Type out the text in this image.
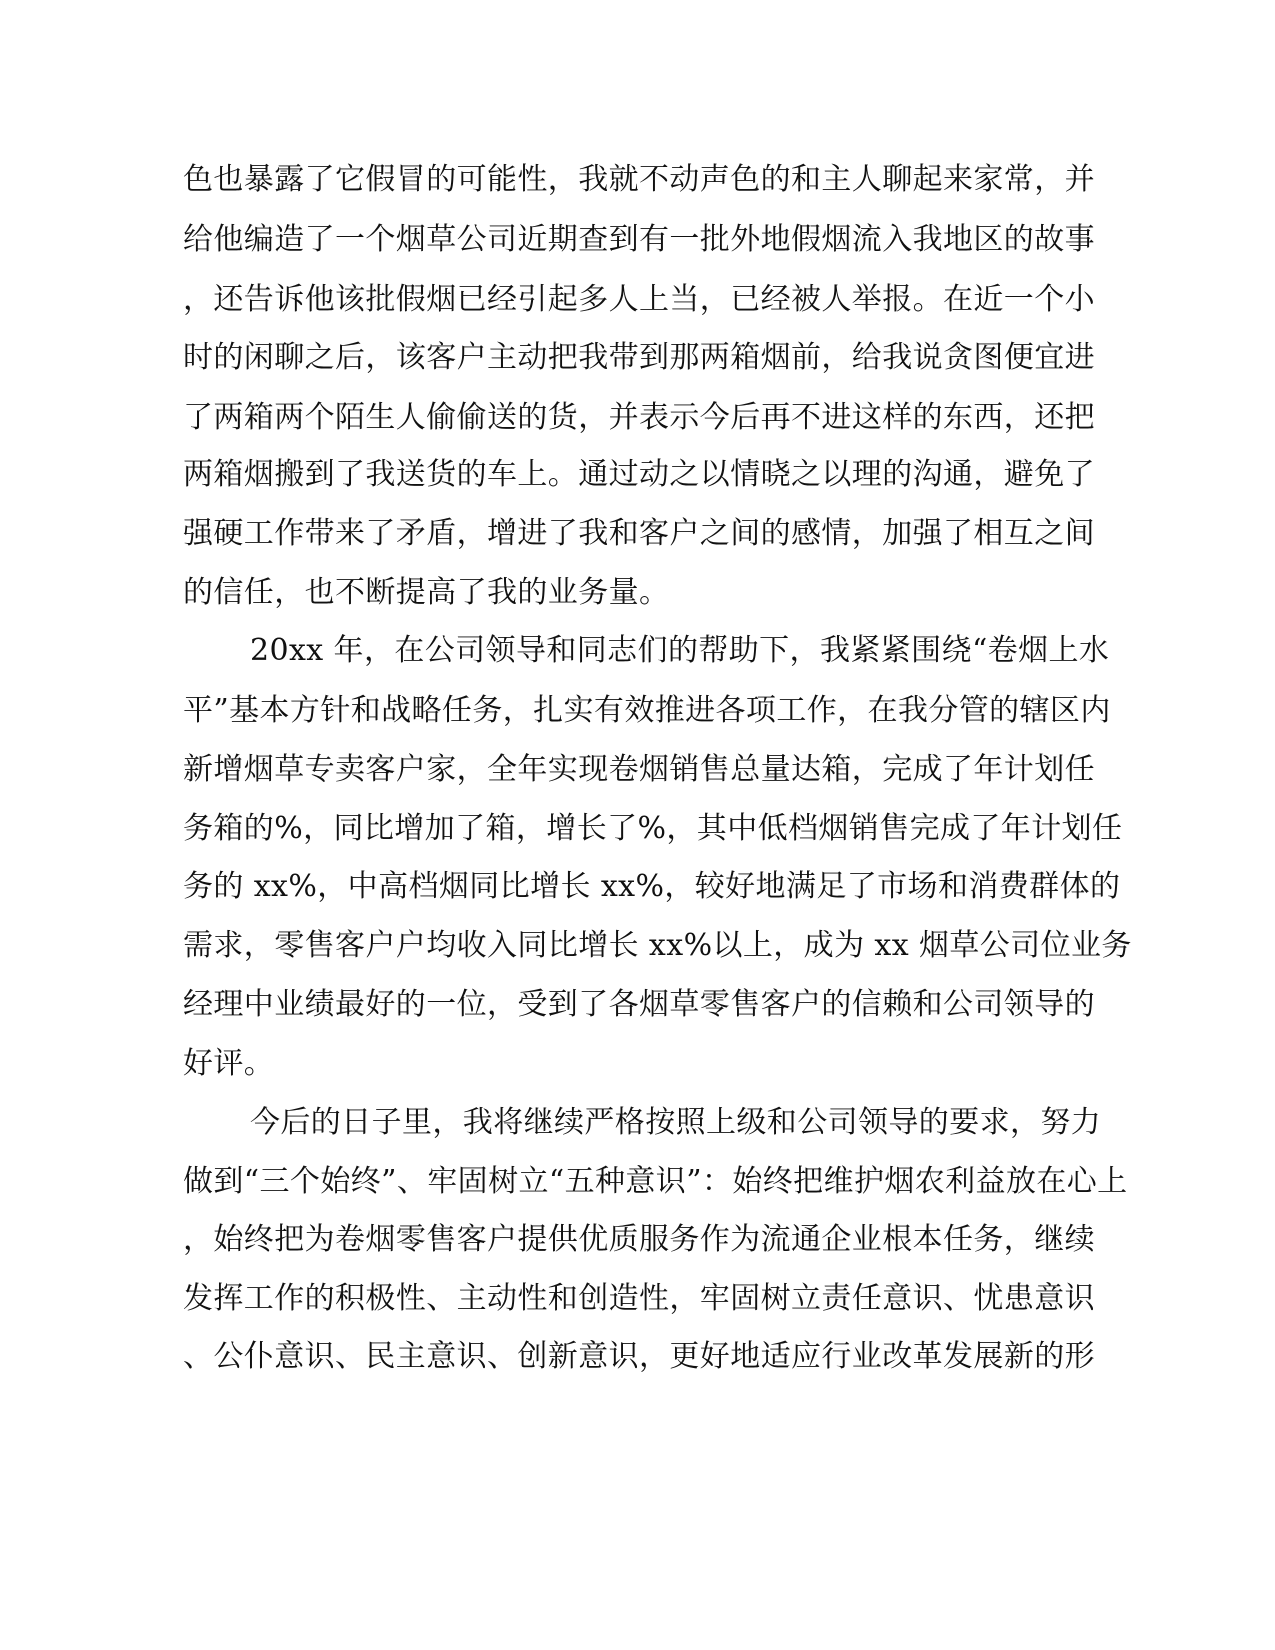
色也暴露了它假冒的可能性，我就不动声色的和主人聊起来家常，并
给他编造了一个烟草公司近期查到有一批外地假烟流入我地区的故事
，还告诉他该批假烟已经引起多人上当，已经被人举报。在近一个小
时的闲聊之后，该客户主动把我带到那两箱烟前，给我说贪图便宜进
了两箱两个陌生人偷偷送的货，并表示今后再不进这样的东西，还把
两箱烟搬到了我送货的车上。通过动之以情晓之以理的沟通，避免了
强硬工作带来了矛盾，增进了我和客户之间的感情，加强了相互之间
的信任，也不断提高了我的业务量。
20xx 年，在公司领导和同志们的帮助下，我紧紧围绕“卷烟上水
平”基本方针和战略任务，扎实有效推进各项工作，在我分管的辖区内
新增烟草专卖客户家，全年实现卷烟销售总量达箱，完成了年计划任
务箱的%，同比增加了箱，增长了%，其中低档烟销售完成了年计划任
务的 xx%，中高档烟同比增长 xx%，较好地满足了市场和消费群体的
需求，零售客户户均收入同比增长 xx%以上，成为 xx 烟草公司位业务
经理中业绩最好的一位，受到了各烟草零售客户的信赖和公司领导的
好评。
今后的日子里，我将继续严格按照上级和公司领导的要求，努力
做到“三个始终”、牢固树立“五种意识”：始终把维护烟农利益放在心上
，始终把为卷烟零售客户提供优质服务作为流通企业根本任务，继续
发挥工作的积极性、主动性和创造性，牢固树立责任意识、忧患意识
、公仆意识、民主意识、创新意识，更好地适应行业改革发展新的形
